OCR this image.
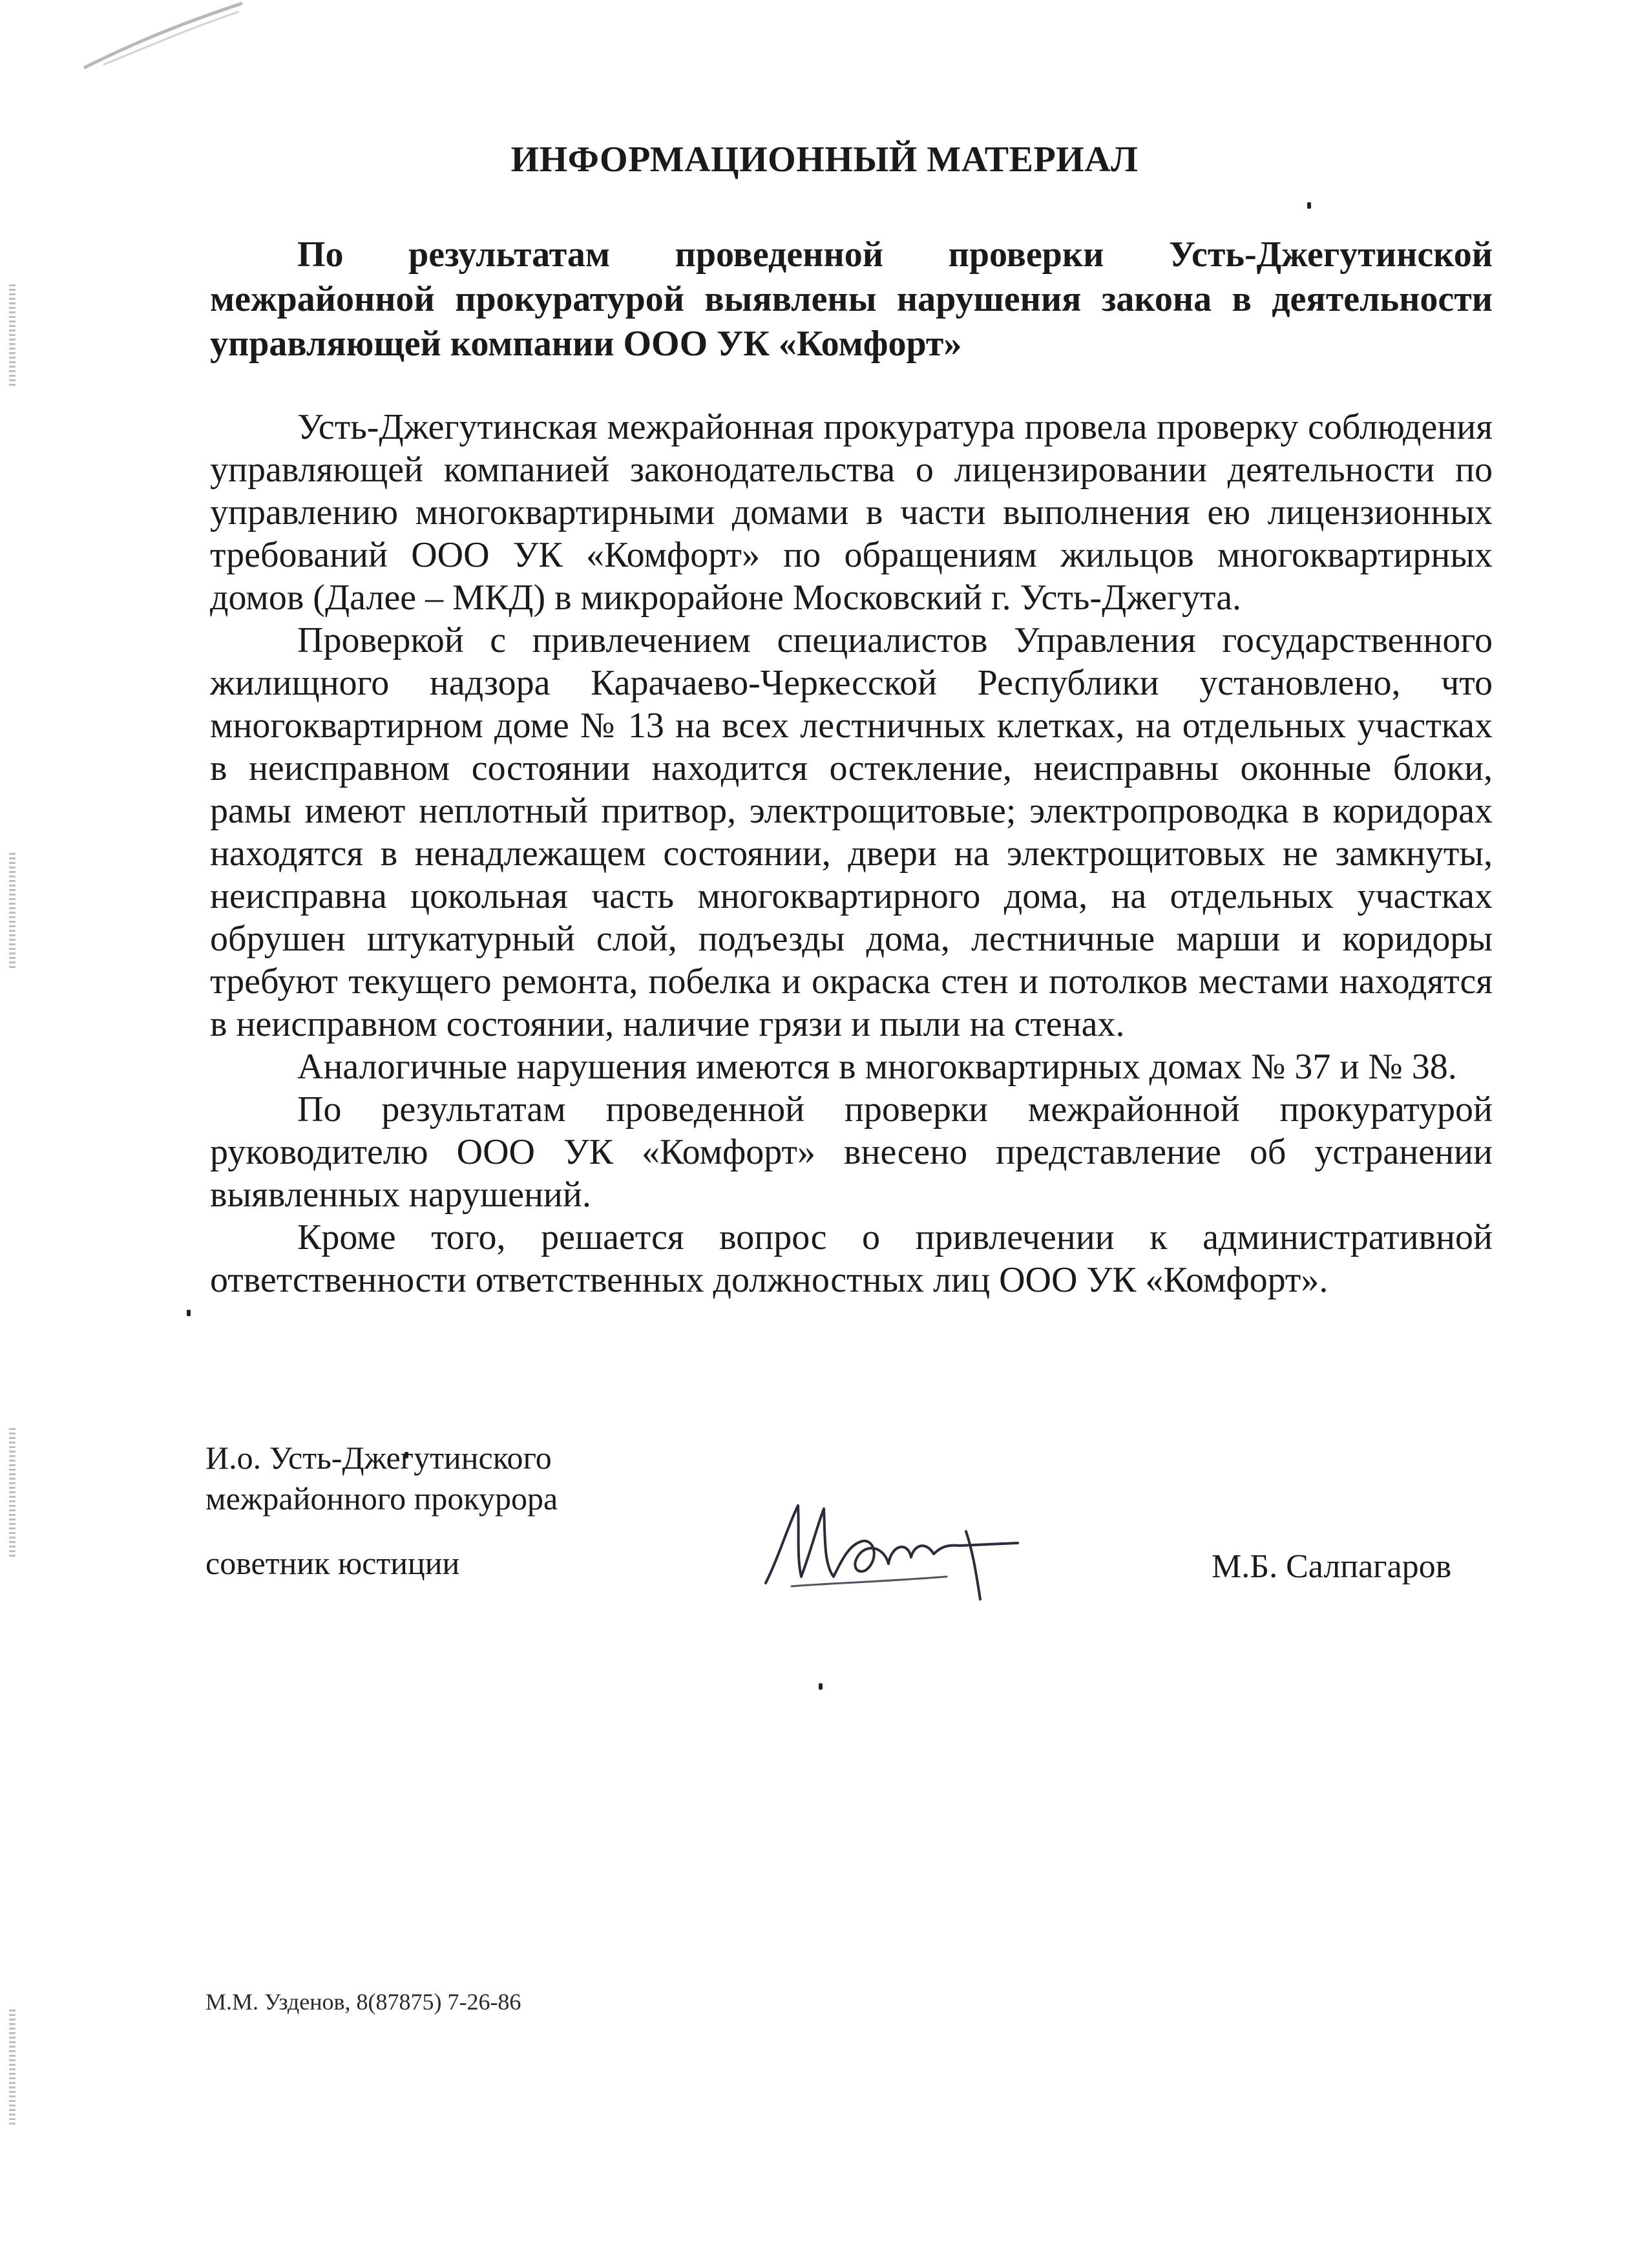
ИНФОРМАЦИОННЫЙ МАТЕРИАЛ
По результатам проведенной проверки Усть-Джегутинской межрайонной прокуратурой выявлены нарушения закона в деятельности управляющей компании ООО УК «Комфорт»

Усть-Джегутинская межрайонная прокуратура провела проверку соблюдения управляющей компанией законодательства о лицензировании деятельности по управлению многоквартирными домами в части выполнения ею лицензионных требований ООО УК «Комфорт» по обращениям жильцов многоквартирных домов (Далее – МКД) в микрорайоне Московский г. Усть-Джегута.

Проверкой с привлечением специалистов Управления государственного жилищного надзора Карачаево-Черкесской Республики установлено, что многоквартирном доме № 13 на всех лестничных клетках, на отдельных участках в неисправном состоянии находится остекление, неисправны оконные блоки, рамы имеют неплотный притвор, электрощитовые; электропроводка в коридорах находятся в ненадлежащем состоянии, двери на электрощитовых не замкнуты, неисправна цокольная часть многоквартирного дома, на отдельных участках обрушен штукатурный слой, подъезды дома, лестничные марши и коридоры требуют текущего ремонта, побелка и окраска стен и потолков местами находятся в неисправном состоянии, наличие грязи и пыли на стенах.

Аналогичные нарушения имеются в многоквартирных домах № 37 и № 38.

По результатам проведенной проверки межрайонной прокуратурой руководителю ООО УК «Комфорт» внесено представление об устранении выявленных нарушений.

Кроме того, решается вопрос о привлечении к административной ответственности ответственных должностных лиц ООО УК «Комфорт».

И.о. Усть-Джегутинского
межрайонного прокурора
советник юстиции	М.Б. Салпагаров
М.М. Узденов, 8(87875) 7-26-86
